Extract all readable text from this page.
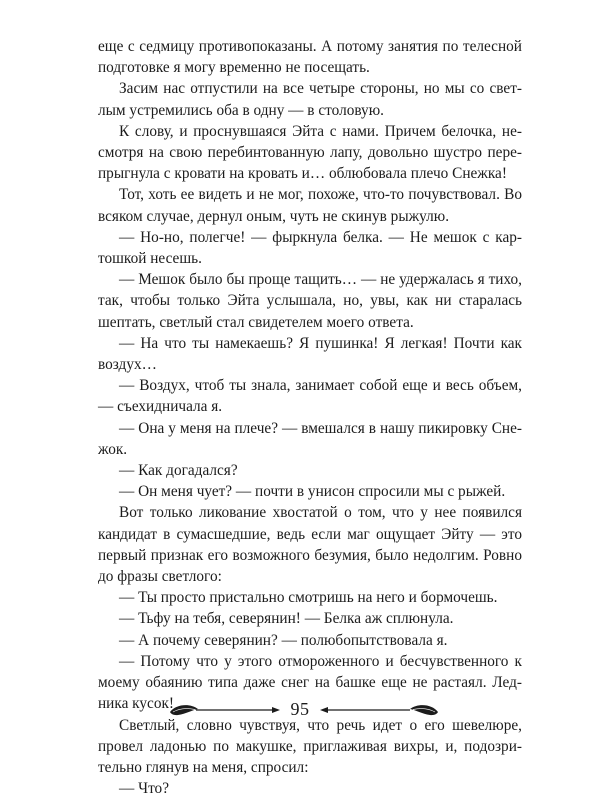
еще с седмицу противопоказаны. А потому занятия по телесной подготовке я могу временно не посещать.

Засим нас отпустили на все четыре стороны, но мы со светлым устремились оба в одну — в столовую.

К слову, и проснувшаяся Эйта с нами. Причем белочка, несмотря на свою перебинтованную лапу, довольно шустро перепрыгнула с кровати на кровать и… облюбовала плечо Снежка!

Тот, хоть ее видеть и не мог, похоже, что-то почувствовал. Во всяком случае, дернул оным, чуть не скинув рыжулю.

— Но-но, полегче! — фыркнула белка. — Не мешок с картошкой несешь.

— Мешок было бы проще тащить… — не удержалась я тихо, так, чтобы только Эйта услышала, но, увы, как ни старалась шептать, светлый стал свидетелем моего ответа.

— На что ты намекаешь? Я пушинка! Я легкая! Почти как воздух…

— Воздух, чтоб ты знала, занимает собой еще и весь объем, — съехидничала я.

— Она у меня на плече? — вмешался в нашу пикировку Снежок.

— Как догадался?

— Он меня чует? — почти в унисон спросили мы с рыжей.

Вот только ликование хвостатой о том, что у нее появился кандидат в сумасшедшие, ведь если маг ощущает Эйту — это первый признак его возможного безумия, было недолгим. Ровно до фразы светлого:

— Ты просто пристально смотришь на него и бормочешь.

— Тьфу на тебя, северянин! — Белка аж сплюнула.

— А почему северянин? — полюбопытствовала я.

— Потому что у этого отмороженного и бесчувственного к моему обаянию типа даже снег на башке еще не растаял. Ледника кусок!

Светлый, словно чувствуя, что речь идет о его шевелюре, провел ладонью по макушке, приглаживая вихры, и, подозрительно глянув на меня, спросил:

— Что?

95
